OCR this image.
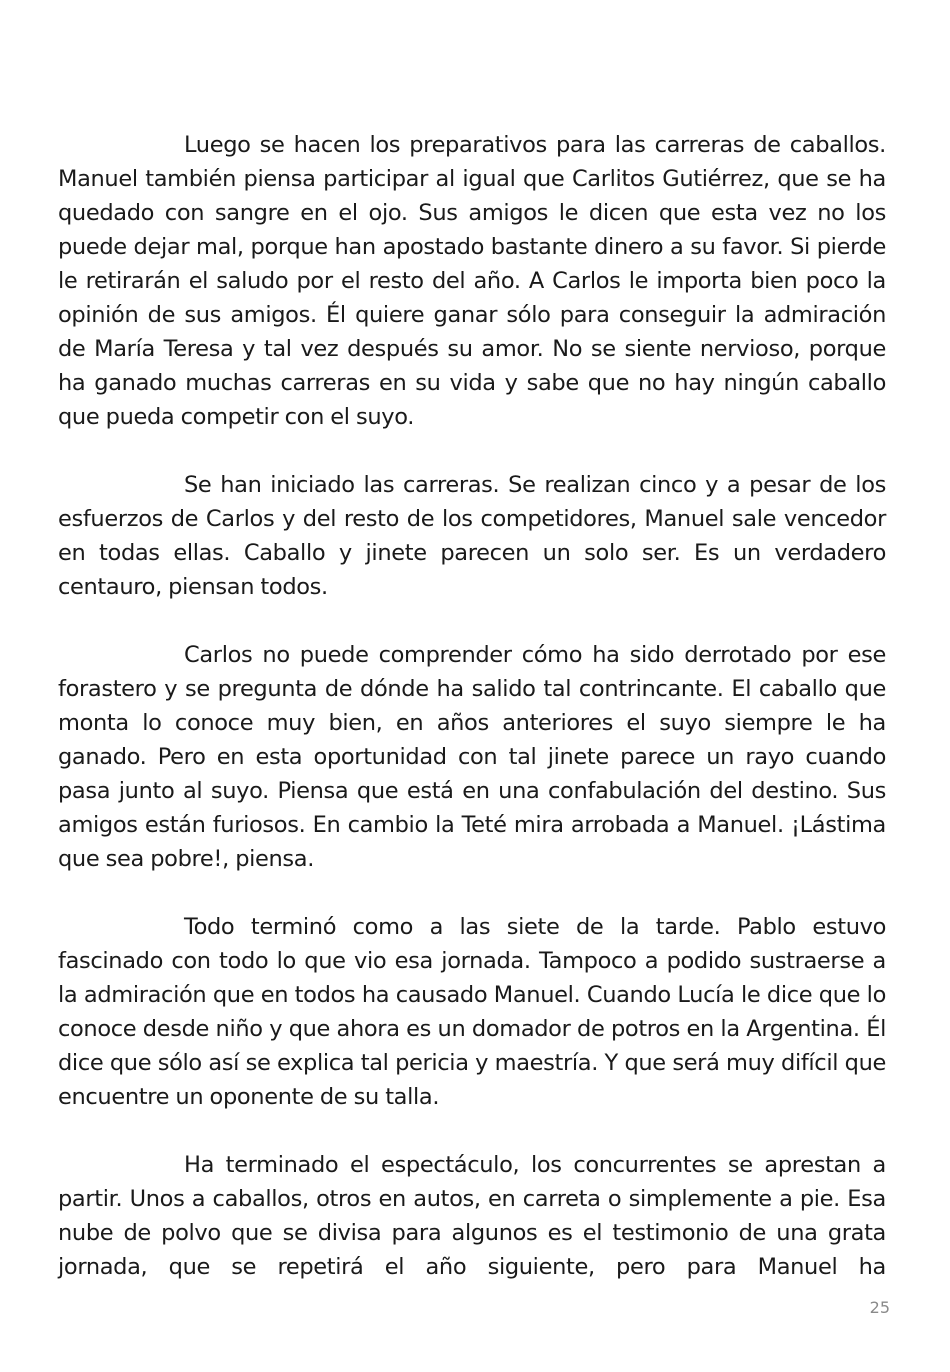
Luego se hacen los preparativos para las carreras de caballos. Manuel también piensa participar al igual que Carlitos Gutiérrez, que se ha quedado con sangre en el ojo. Sus amigos le dicen que esta vez no los puede dejar mal, porque han apostado bastante dinero a su favor. Si pierde le retirarán el saludo por el resto del año. A Carlos le importa bien poco la opinión de sus amigos. Él quiere ganar sólo para conseguir la admiración de María Teresa y tal vez después su amor. No se siente nervioso, porque ha ganado muchas carreras en su vida y sabe que no hay ningún caballo que pueda competir con el suyo.

Se han iniciado las carreras. Se realizan cinco y a pesar de los esfuerzos de Carlos y del resto de los competidores, Manuel sale vencedor en todas ellas. Caballo y jinete parecen un solo ser. Es un verdadero centauro, piensan todos.

Carlos no puede comprender cómo ha sido derrotado por ese forastero y se pregunta de dónde ha salido tal contrincante. El caballo que monta lo conoce muy bien, en años anteriores el suyo siempre le ha ganado. Pero en esta oportunidad con tal jinete parece un rayo cuando pasa junto al suyo. Piensa que está en una confabulación del destino. Sus amigos están furiosos. En cambio la Teté mira arrobada a Manuel. ¡Lástima que sea pobre!, piensa.

Todo terminó como a las siete de la tarde. Pablo estuvo fascinado con todo lo que vio esa jornada. Tampoco a podido sustraerse a la admiración que en todos ha causado Manuel. Cuando Lucía le dice que lo conoce desde niño y que ahora es un domador de potros en la Argentina. Él dice que sólo así se explica tal pericia y maestría. Y que será muy difícil que encuentre un oponente de su talla.

Ha terminado el espectáculo, los concurrentes se aprestan a partir. Unos a caballos, otros en autos, en carreta o simplemente a pie. Esa nube de polvo que se divisa para algunos es el testimonio de una grata jornada, que se repetirá el año siguiente, pero para Manuel ha

25
